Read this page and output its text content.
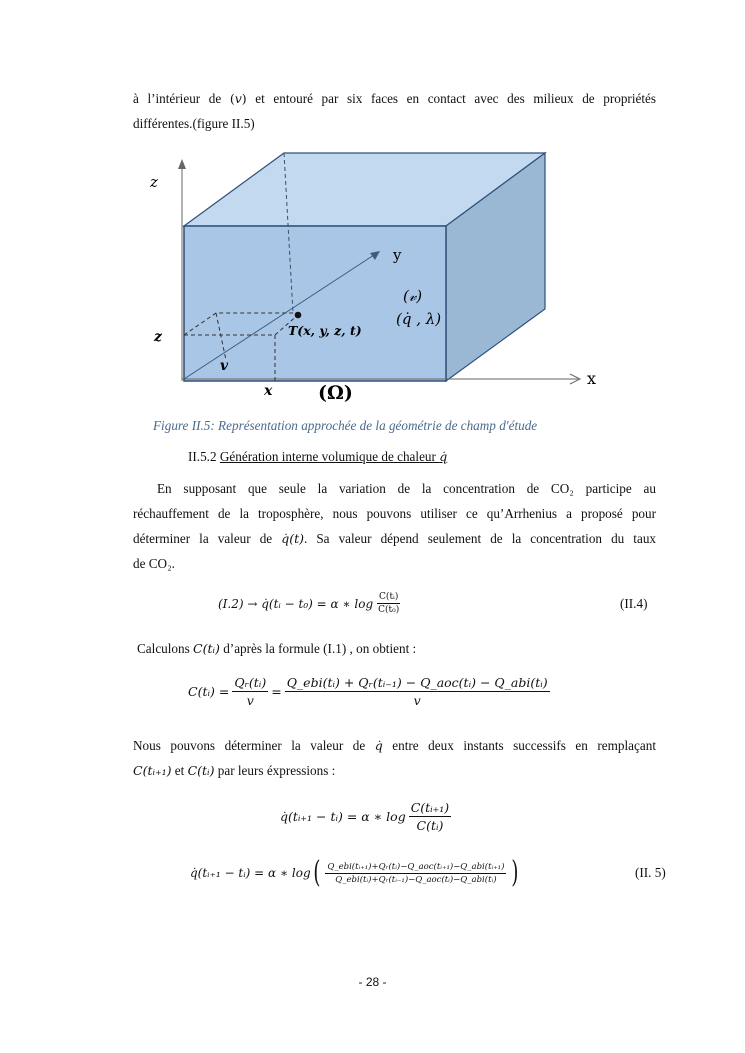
à l’intérieur de (𝑣) et entouré par six faces en contact avec des milieux de propriétés
différentes.(figure II.5)
z
z
v
x
y
x
(𝓋)
(q̇ , λ)
T(x, y, z, t)
(Ω)
Figure II.5: Représentation approchée de la géométrie de champ d'étude
II.5.2 Génération interne volumique de chaleur q̇
En supposant que seule la variation de la concentration de CO₂ participe au
réchauffement de la troposphère, nous pouvons utiliser ce qu’Arrhenius a proposé pour
déterminer la valeur de q̇(t). Sa valeur dépend seulement de la concentration du taux
de CO₂.
(I.2) → q̇(tᵢ − t₀) = α ∗ $\log \frac{\text{C(tᵢ)}}{\text{C(t₀)}}$	(II.4)
Calculons C(tᵢ) d’après la formule (I.1) , on obtient :
C(tᵢ) = $\frac{\text{Qᵣ(tᵢ)}}{v} = \frac{\text{Q\_ebi(tᵢ) + Qᵣ(tᵢ₋₁) − Q\_aoc(tᵢ) − Q\_abi(tᵢ)}}{v}$
Nous pouvons déterminer la valeur de q̇ entre deux instants successifs en remplaçant
C(tᵢ₊₁) et C(tᵢ) par leurs éxpressions :
q̇(tᵢ₊₁ − tᵢ) = α ∗ $\log \frac{\text{C(tᵢ₊₁)}}{\text{C(tᵢ)}}$
q̇(tᵢ₊₁ − tᵢ) = α ∗ log ( $\frac{\text{Q\_ebi(tᵢ₊₁)+Qᵣ(tᵢ)−Q\_aoc(tᵢ₊₁)−Q\_abi(tᵢ₊₁)}}{\text{Q\_ebi(tᵢ)+Qᵣ(tᵢ₋₁)−Q\_aoc(tᵢ)−Q\_abi(tᵢ)}}$ )	(II. 5)
- 28 -
